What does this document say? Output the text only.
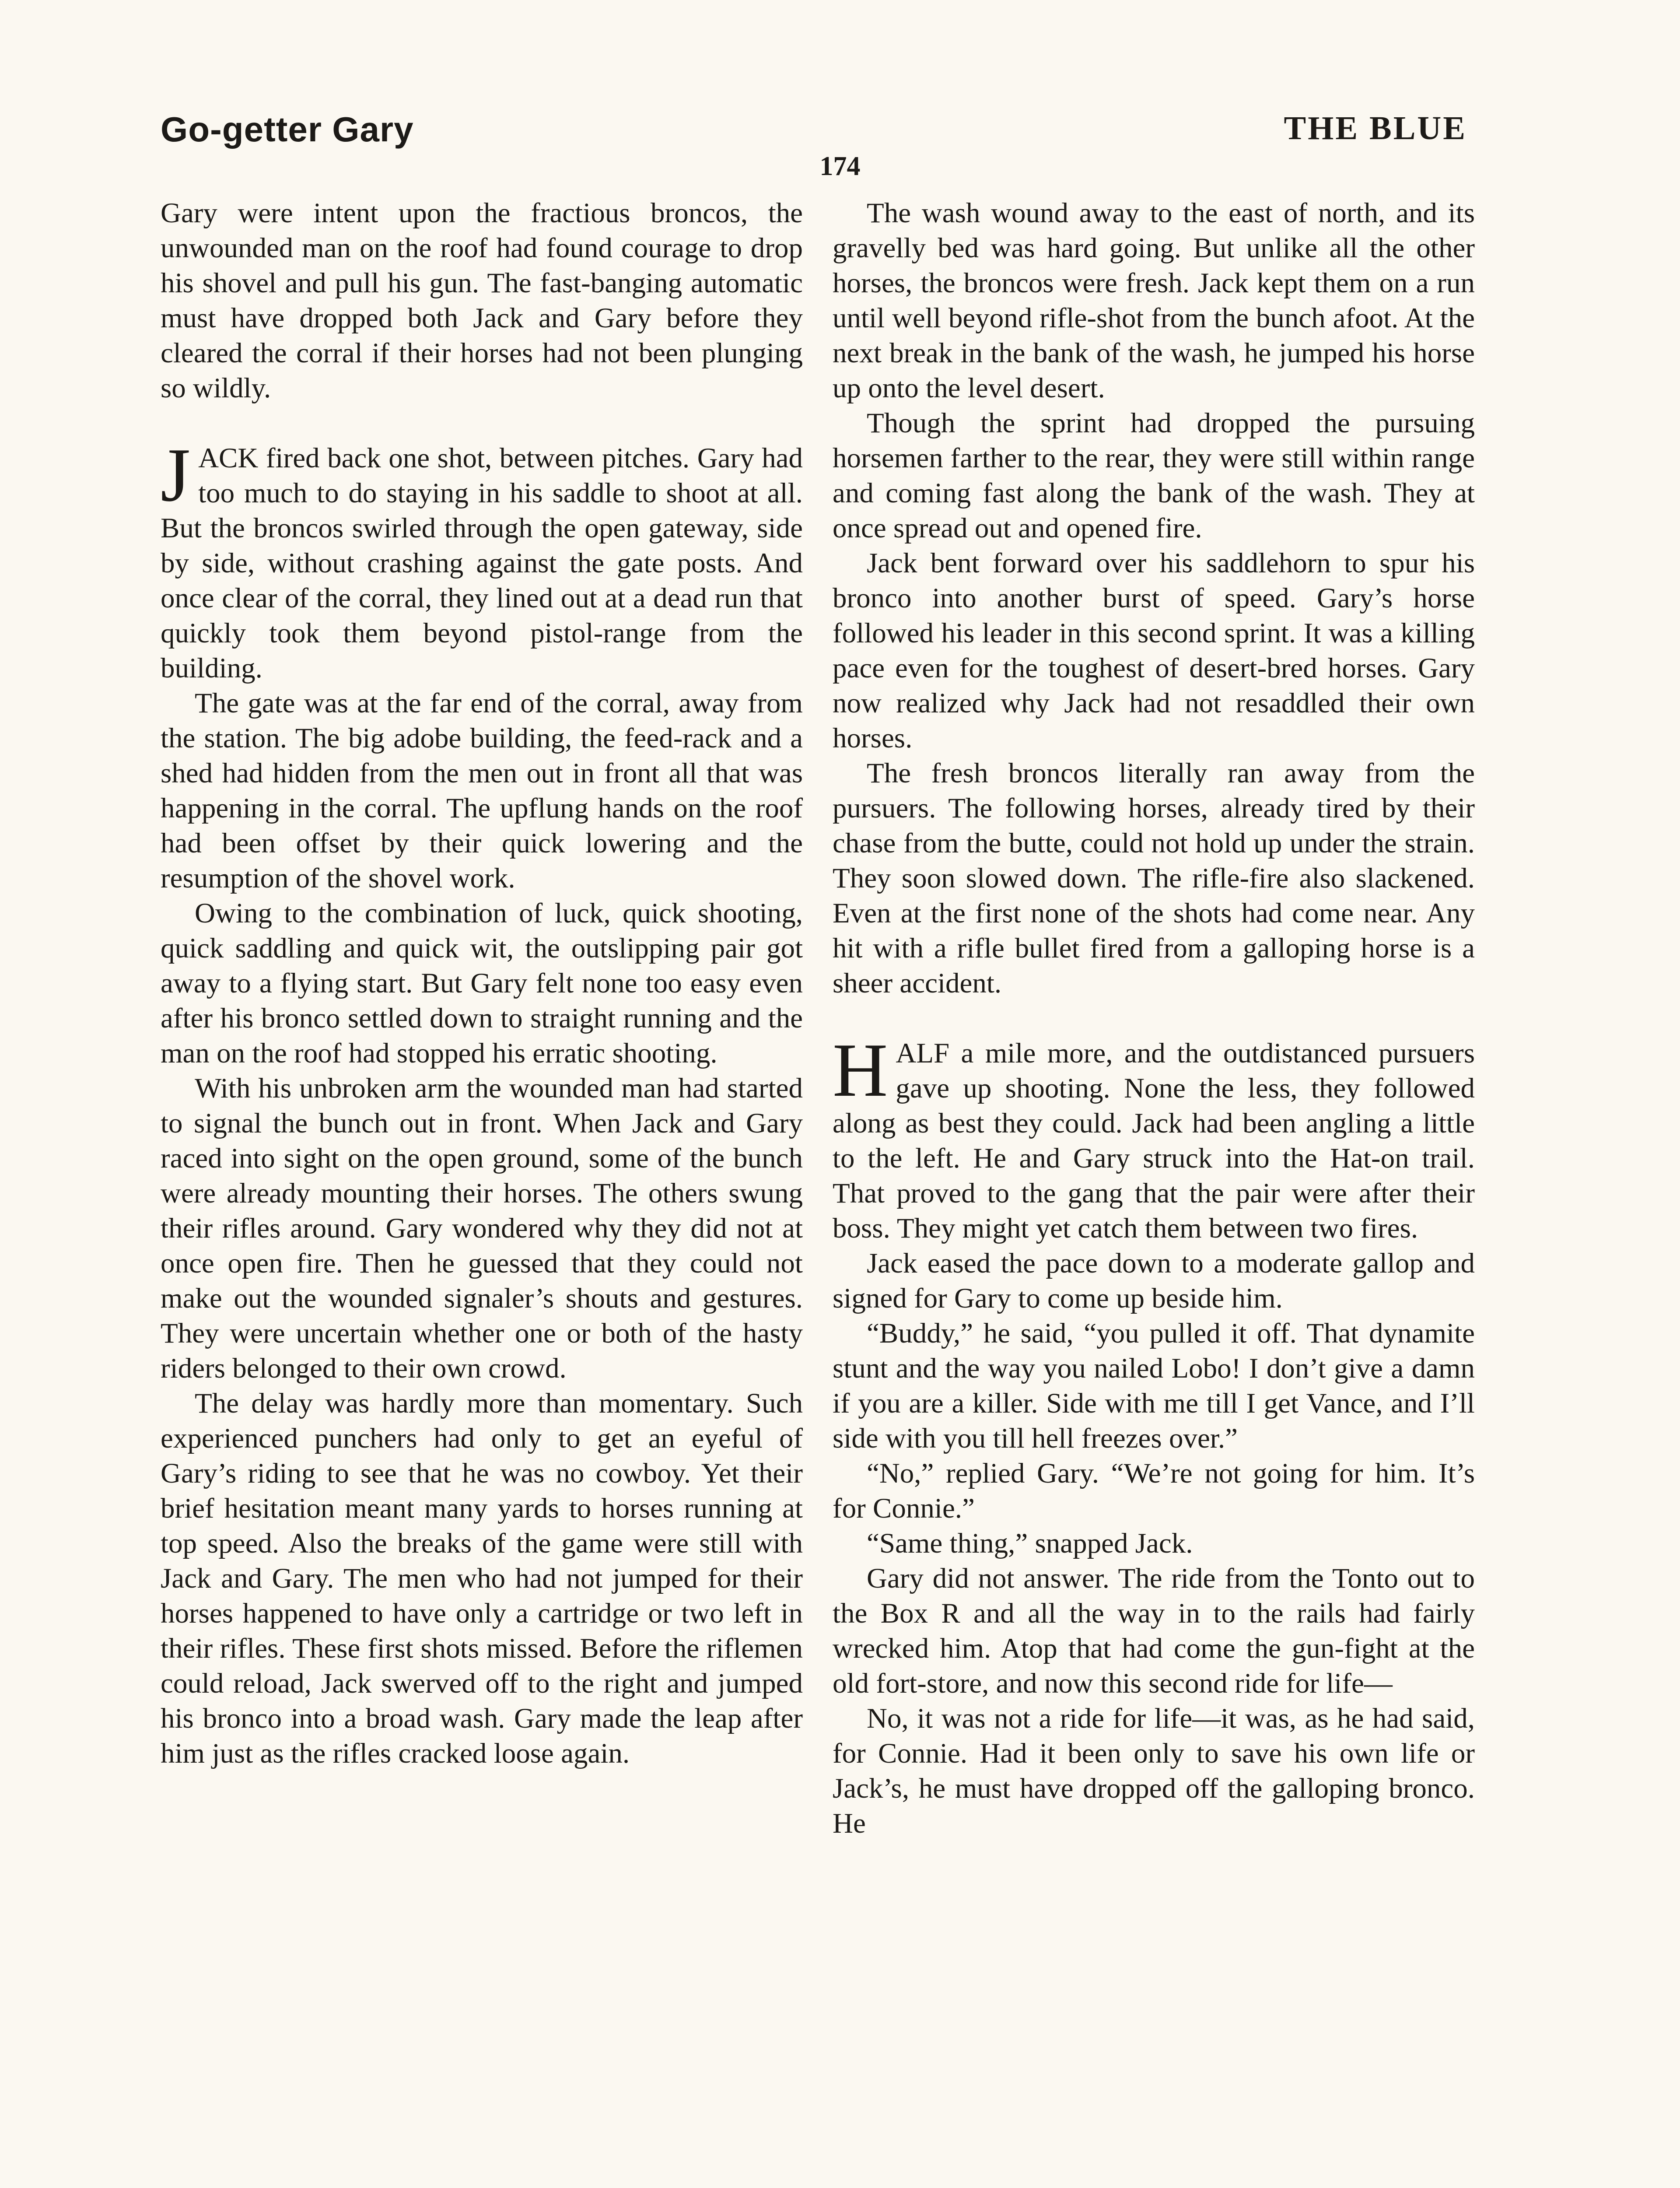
Go-getter Gary	THE BLUE
174

Gary were intent upon the fractious broncos, the unwounded man on the roof had found courage to drop his shovel and pull his gun. The fast-banging automatic must have dropped both Jack and Gary before they cleared the corral if their horses had not been plunging so wildly.

JACK fired back one shot, between pitches. Gary had too much to do staying in his saddle to shoot at all. But the broncos swirled through the open gateway, side by side, without crashing against the gate posts. And once clear of the corral, they lined out at a dead run that quickly took them beyond pistol-range from the building.

The gate was at the far end of the corral, away from the station. The big adobe building, the feed-rack and a shed had hidden from the men out in front all that was happening in the corral. The upflung hands on the roof had been offset by their quick lowering and the resumption of the shovel work.

Owing to the combination of luck, quick shooting, quick saddling and quick wit, the outslipping pair got away to a flying start. But Gary felt none too easy even after his bronco settled down to straight running and the man on the roof had stopped his erratic shooting.

With his unbroken arm the wounded man had started to signal the bunch out in front. When Jack and Gary raced into sight on the open ground, some of the bunch were already mounting their horses. The others swung their rifles around. Gary wondered why they did not at once open fire. Then he guessed that they could not make out the wounded signaler’s shouts and gestures. They were uncertain whether one or both of the hasty riders belonged to their own crowd.

The delay was hardly more than momentary. Such experienced punchers had only to get an eyeful of Gary’s riding to see that he was no cowboy. Yet their brief hesitation meant many yards to horses running at top speed. Also the breaks of the game were still with Jack and Gary. The men who had not jumped for their horses happened to have only a cartridge or two left in their rifles. These first shots missed. Before the riflemen could reload, Jack swerved off to the right and jumped his bronco into a broad wash. Gary made the leap after him just as the rifles cracked loose again.

The wash wound away to the east of north, and its gravelly bed was hard going. But unlike all the other horses, the broncos were fresh. Jack kept them on a run until well beyond rifle-shot from the bunch afoot. At the next break in the bank of the wash, he jumped his horse up onto the level desert.

Though the sprint had dropped the pursuing horsemen farther to the rear, they were still within range and coming fast along the bank of the wash. They at once spread out and opened fire.

Jack bent forward over his saddlehorn to spur his bronco into another burst of speed. Gary’s horse followed his leader in this second sprint. It was a killing pace even for the toughest of desert-bred horses. Gary now realized why Jack had not resaddled their own horses.

The fresh broncos literally ran away from the pursuers. The following horses, already tired by their chase from the butte, could not hold up under the strain. They soon slowed down. The rifle-fire also slackened. Even at the first none of the shots had come near. Any hit with a rifle bullet fired from a galloping horse is a sheer accident.

HALF a mile more, and the outdistanced pursuers gave up shooting. None the less, they followed along as best they could. Jack had been angling a little to the left. He and Gary struck into the Hat-on trail. That proved to the gang that the pair were after their boss. They might yet catch them between two fires.

Jack eased the pace down to a moderate gallop and signed for Gary to come up beside him.

“Buddy,” he said, “you pulled it off. That dynamite stunt and the way you nailed Lobo! I don’t give a damn if you are a killer. Side with me till I get Vance, and I’ll side with you till hell freezes over.”

“No,” replied Gary. “We’re not going for him. It’s for Connie.”

“Same thing,” snapped Jack.

Gary did not answer. The ride from the Tonto out to the Box R and all the way in to the rails had fairly wrecked him. Atop that had come the gun-fight at the old fort-store, and now this second ride for life—

No, it was not a ride for life—it was, as he had said, for Connie. Had it been only to save his own life or Jack’s, he must have dropped off the galloping bronco. He
